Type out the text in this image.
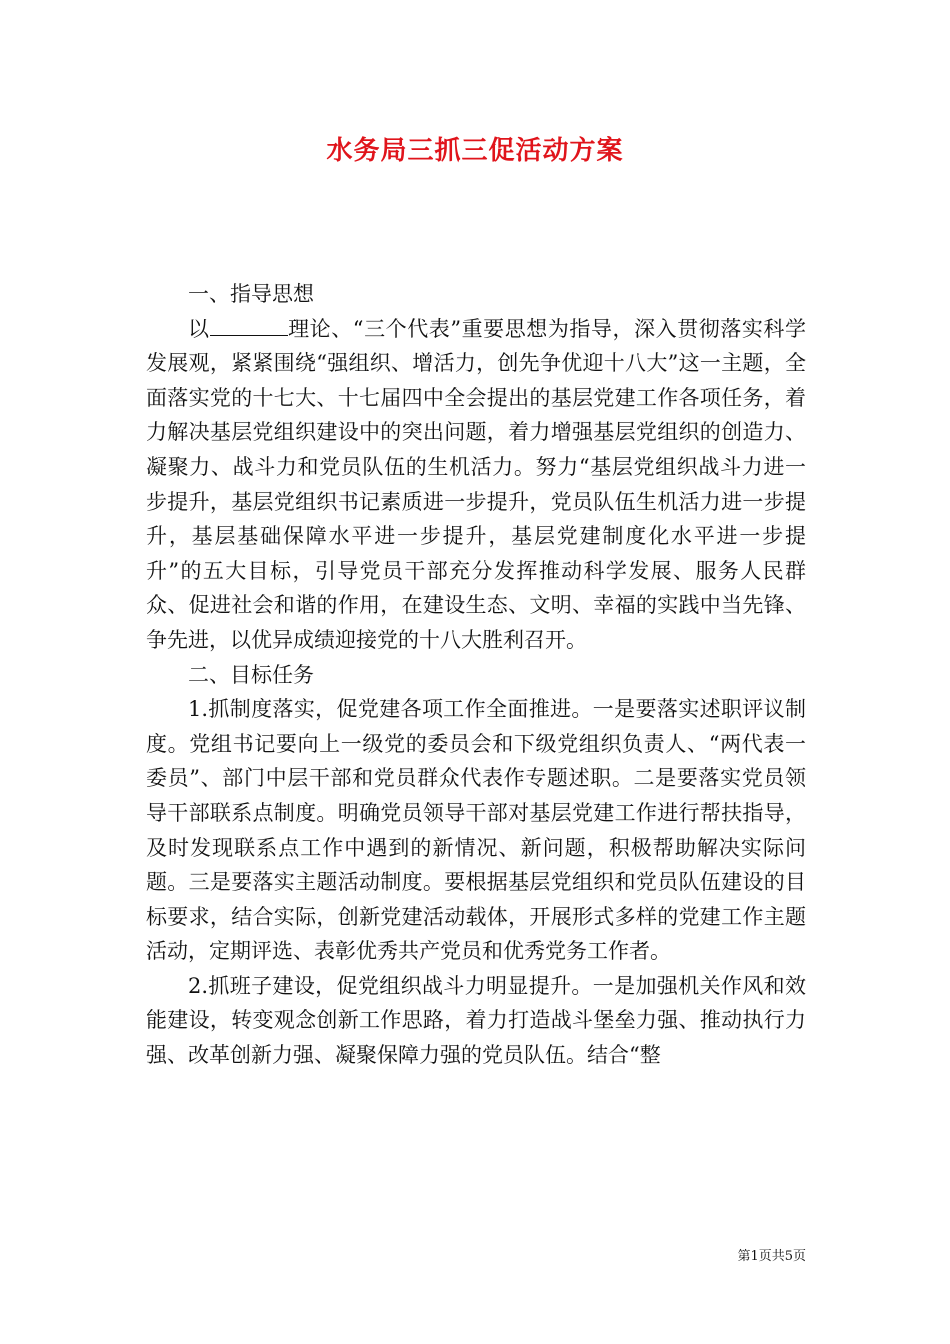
水务局三抓三促活动方案

一、指导思想

以	理论、“三个代表”重要思想为指导，深入贯彻落实科学发展观，紧紧围绕“强组织、增活力，创先争优迎十八大”这一主题，全面落实党的十七大、十七届四中全会提出的基层党建工作各项任务，着力解决基层党组织建设中的突出问题，着力增强基层党组织的创造力、凝聚力、战斗力和党员队伍的生机活力。努力“基层党组织战斗力进一步提升，基层党组织书记素质进一步提升，党员队伍生机活力进一步提升，基层基础保障水平进一步提升，基层党建制度化水平进一步提升”的五大目标，引导党员干部充分发挥推动科学发展、服务人民群众、促进社会和谐的作用，在建设生态、文明、幸福的实践中当先锋、争先进，以优异成绩迎接党的十八大胜利召开。

二、目标任务

1.抓制度落实，促党建各项工作全面推进。一是要落实述职评议制度。党组书记要向上一级党的委员会和下级党组织负责人、“两代表一委员”、部门中层干部和党员群众代表作专题述职。二是要落实党员领导干部联系点制度。明确党员领导干部对基层党建工作进行帮扶指导，及时发现联系点工作中遇到的新情况、新问题，积极帮助解决实际问题。三是要落实主题活动制度。要根据基层党组织和党员队伍建设的目标要求，结合实际，创新党建活动载体，开展形式多样的党建工作主题活动，定期评选、表彰优秀共产党员和优秀党务工作者。

2.抓班子建设，促党组织战斗力明显提升。一是加强机关作风和效能建设，转变观念创新工作思路，着力打造战斗堡垒力强、推动执行力强、改革创新力强、凝聚保障力强的党员队伍。结合“整

第1页共5页
